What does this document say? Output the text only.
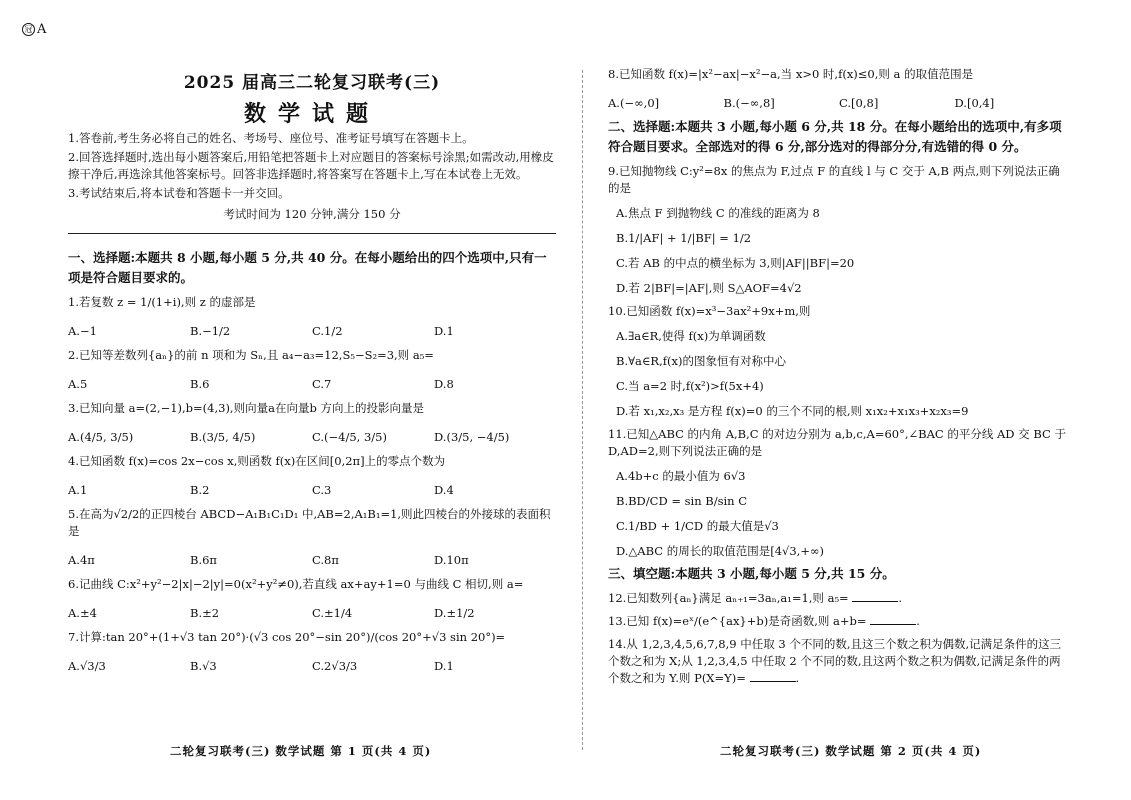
冠 A
2025 届高三二轮复习联考(三)
数学试题
1.答卷前,考生务必将自己的姓名、考场号、座位号、准考证号填写在答题卡上。
2.回答选择题时,选出每小题答案后,用铅笔把答题卡上对应题目的答案标号涂黑;如需改动,用橡皮擦干净后,再选涂其他答案标号。回答非选择题时,将答案写在答题卡上,写在本试卷上无效。
3.考试结束后,将本试卷和答题卡一并交回。
考试时间为 120 分钟,满分 150 分
一、选择题:本题共 8 小题,每小题 5 分,共 40 分。在每小题给出的四个选项中,只有一项是符合题目要求的。
1.若复数 z = 1/(1+i),则 z 的虚部是
A.−1	B.−1/2	C.1/2	D.1
2.已知等差数列{aₙ}的前 n 项和为 Sₙ,且 a₄−a₃=12,S₅−S₂=3,则 a₅=
A.5	B.6	C.7	D.8
3.已知向量 a=(2,−1),b=(4,3),则向量a在向量b 方向上的投影向量是
A.(4/5, 3/5)	B.(3/5, 4/5)	C.(−4/5, 3/5)	D.(3/5, −4/5)
4.已知函数 f(x)=cos 2x−cos x,则函数 f(x)在区间[0,2π]上的零点个数为
A.1	B.2	C.3	D.4
5.在高为√2/2的正四棱台 ABCD−A₁B₁C₁D₁ 中,AB=2,A₁B₁=1,则此四棱台的外接球的表面积是
A.4π	B.6π	C.8π	D.10π
6.记曲线 C:x²+y²−2|x|−2|y|=0(x²+y²≠0),若直线 ax+ay+1=0 与曲线 C 相切,则 a=
A.±4	B.±2	C.±1/4	D.±1/2
7.计算:tan 20°+(1+√3 tan 20°)·(√3 cos 20°−sin 20°)/(cos 20°+√3 sin 20°)=
A.√3/3	B.√3	C.2√3/3	D.1
8.已知函数 f(x)=|x²−ax|−x²−a,当 x>0 时,f(x)≤0,则 a 的取值范围是
A.(−∞,0]	B.(−∞,8]	C.[0,8]	D.[0,4]
二、选择题:本题共 3 小题,每小题 6 分,共 18 分。在每小题给出的选项中,有多项符合题目要求。全部选对的得 6 分,部分选对的得部分分,有选错的得 0 分。
9.已知抛物线 C:y²=8x 的焦点为 F,过点 F 的直线 l 与 C 交于 A,B 两点,则下列说法正确的是
A.焦点 F 到抛物线 C 的准线的距离为 8
B.1/|AF| + 1/|BF| = 1/2
C.若 AB 的中点的横坐标为 3,则|AF||BF|=20
D.若 2|BF|=|AF|,则 S△AOF=4√2
10.已知函数 f(x)=x³−3ax²+9x+m,则
A.∃a∈R,使得 f(x)为单调函数
B.∀a∈R,f(x)的图象恒有对称中心
C.当 a=2 时,f(x²)>f(5x+4)
D.若 x₁,x₂,x₃ 是方程 f(x)=0 的三个不同的根,则 x₁x₂+x₁x₃+x₂x₃=9
11.已知△ABC 的内角 A,B,C 的对边分别为 a,b,c,A=60°,∠BAC 的平分线 AD 交 BC 于 D,AD=2,则下列说法正确的是
A.4b+c 的最小值为 6√3
B.BD/CD = sin B/sin C
C.1/BD + 1/CD 的最大值是√3
D.△ABC 的周长的取值范围是[4√3,+∞)
三、填空题:本题共 3 小题,每小题 5 分,共 15 分。
12.已知数列{aₙ}满足 aₙ₊₁=3aₙ,a₁=1,则 a₅=	.
13.已知 f(x)=eˣ/(e^{ax}+b)是奇函数,则 a+b=	.
14.从 1,2,3,4,5,6,7,8,9 中任取 3 个不同的数,且这三个数之积为偶数,记满足条件的这三个数之和为 X;从 1,2,3,4,5 中任取 2 个不同的数,且这两个数之积为偶数,记满足条件的两个数之和为 Y.则 P(X=Y)=	.
二轮复习联考(三) 数学试题 第 1 页(共 4 页)	二轮复习联考(三) 数学试题 第 2 页(共 4 页)
